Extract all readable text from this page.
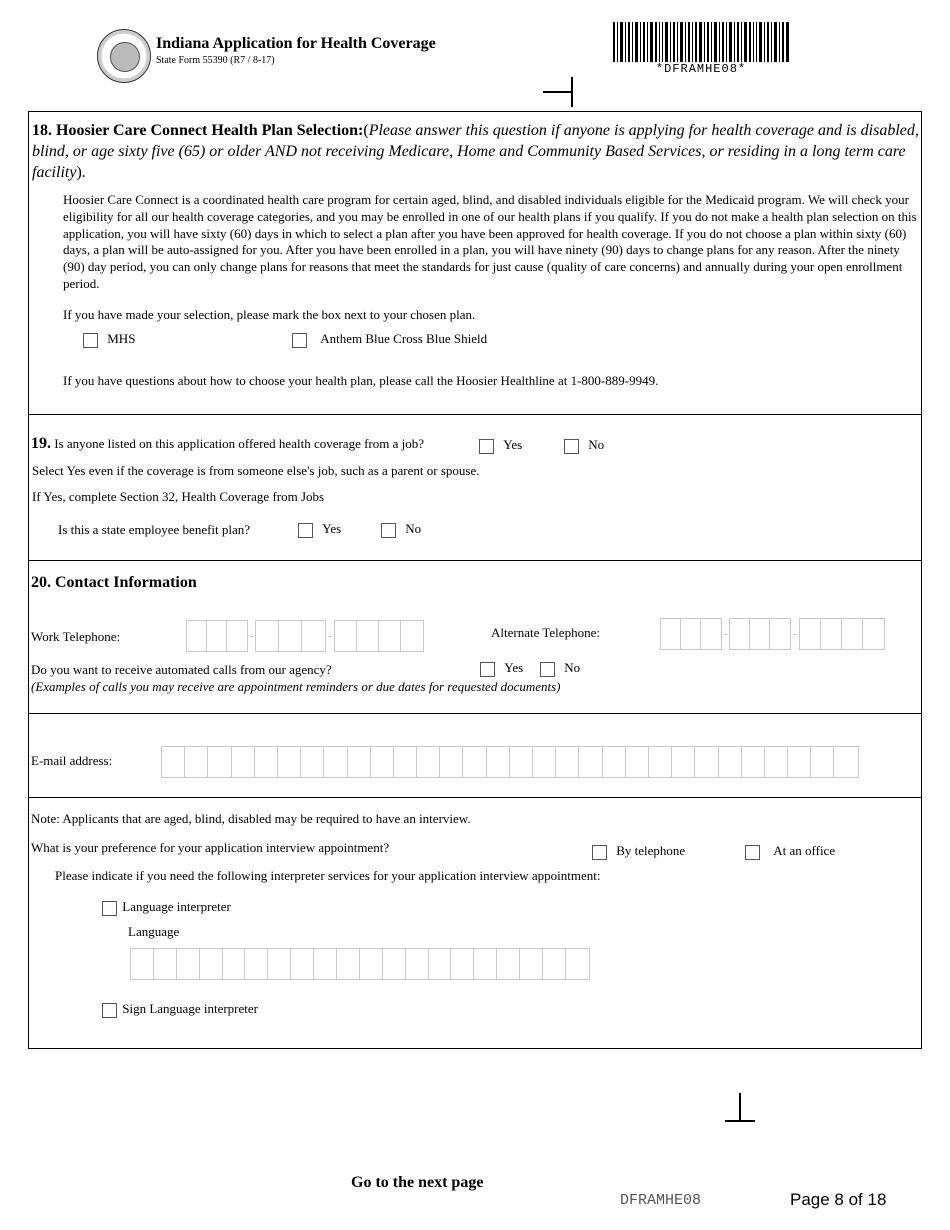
Indiana Application for Health Coverage
State Form 55390 (R7 / 8-17)
*DFRAMHE08*
18. Hoosier Care Connect Health Plan Selection:(Please answer this question if anyone is applying for health coverage and is disabled, blind, or age sixty five (65) or older AND not receiving Medicare, Home and Community Based Services, or residing in a long term care facility).
Hoosier Care Connect is a coordinated health care program for certain aged, blind, and disabled individuals eligible for the Medicaid program. We will check your eligibility for all our health coverage categories, and you may be enrolled in one of our health plans if you qualify. If you do not make a health plan selection on this application, you will have sixty (60) days in which to select a plan after you have been approved for health coverage. If you do not choose a plan within sixty (60) days, a plan will be auto-assigned for you. After you have been enrolled in a plan, you will have ninety (90) days to change plans for any reason. After the ninety (90) day period, you can only change plans for reasons that meet the standards for just cause (quality of care concerns) and annually during your open enrollment period.
If you have made your selection, please mark the box next to your chosen plan.
MHS	Anthem Blue Cross Blue Shield
If you have questions about how to choose your health plan, please call the Hoosier Healthline at 1-800-889-9949.
19. Is anyone listed on this application offered health coverage from a job?	Yes	No
Select Yes even if the coverage is from someone else's job, such as a parent or spouse.
If Yes, complete Section 32, Health Coverage from Jobs
Is this a state employee benefit plan?	Yes	No
20. Contact Information
Work Telephone:	-	-	Alternate Telephone:	-	-
Do you want to receive automated calls from our agency?
(Examples of calls you may receive are appointment reminders or due dates for requested documents)
Yes	No
E-mail address:
Note: Applicants that are aged, blind, disabled may be required to have an interview.
What is your preference for your application interview appointment?	By telephone	At an office
Please indicate if you need the following interpreter services for your application interview appointment:
Language interpreter
Language
Sign Language interpreter
Go to the next page
DFRAMHE08	Page 8 of 18
